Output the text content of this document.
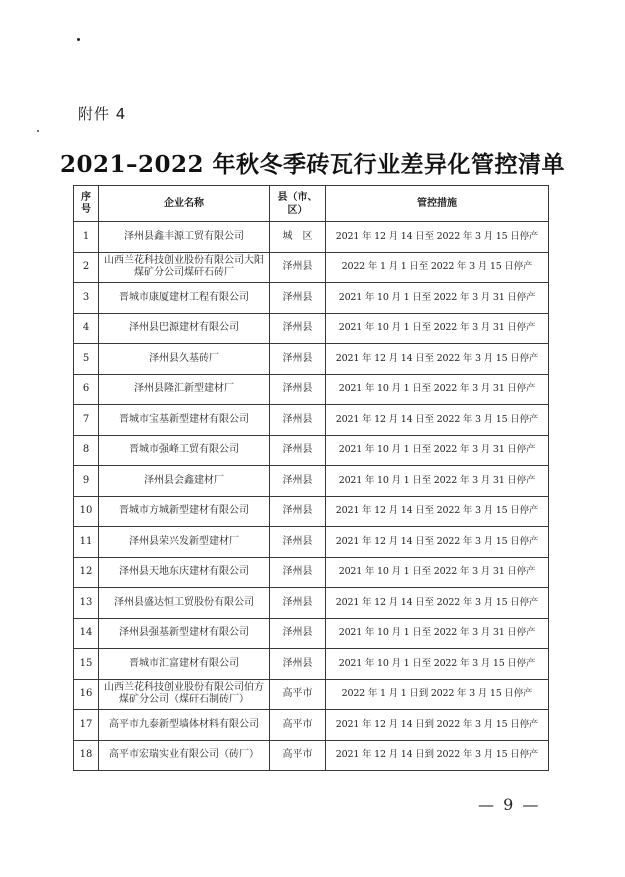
附件 4
2021–2022 年秋冬季砖瓦行业差异化管控清单
序号	企业名称	县（市、区）	管控措施
1	泽州县鑫丰源工贸有限公司	城　区	2021 年 12 月 14 日至 2022 年 3 月 15 日停产
2	山西兰花科技创业股份有限公司大阳煤矿分公司煤矸石砖厂	泽州县	2022 年 1 月 1 日至 2022 年 3 月 15 日停产
3	晋城市康厦建材工程有限公司	泽州县	2021 年 10 月 1 日至 2022 年 3 月 31 日停产
4	泽州县巴源建材有限公司	泽州县	2021 年 10 月 1 日至 2022 年 3 月 31 日停产
5	泽州县久基砖厂	泽州县	2021 年 12 月 14 日至 2022 年 3 月 15 日停产
6	泽州县隆汇新型建材厂	泽州县	2021 年 10 月 1 日至 2022 年 3 月 31 日停产
7	晋城市宝基新型建材有限公司	泽州县	2021 年 12 月 14 日至 2022 年 3 月 15 日停产
8	晋城市强峰工贸有限公司	泽州县	2021 年 10 月 1 日至 2022 年 3 月 31 日停产
9	泽州县会鑫建材厂	泽州县	2021 年 10 月 1 日至 2022 年 3 月 31 日停产
10	晋城市方城新型建材有限公司	泽州县	2021 年 12 月 14 日至 2022 年 3 月 15 日停产
11	泽州县荣兴发新型建材厂	泽州县	2021 年 12 月 14 日至 2022 年 3 月 15 日停产
12	泽州县天地东庆建材有限公司	泽州县	2021 年 10 月 1 日至 2022 年 3 月 31 日停产
13	泽州县盛达恒工贸股份有限公司	泽州县	2021 年 12 月 14 日至 2022 年 3 月 15 日停产
14	泽州县强基新型建材有限公司	泽州县	2021 年 10 月 1 日至 2022 年 3 月 31 日停产
15	晋城市汇富建材有限公司	泽州县	2021 年 10 月 1 日至 2022 年 3 月 15 日停产
16	山西兰花科技创业股份有限公司伯方煤矿分公司（煤矸石制砖厂）	高平市	2022 年 1 月 1 日到 2022 年 3 月 15 日停产
17	高平市九泰新型墙体材料有限公司	高平市	2021 年 12 月 14 日到 2022 年 3 月 15 日停产
18	高平市宏瑞实业有限公司（砖厂）	高平市	2021 年 12 月 14 日到 2022 年 3 月 15 日停产
— 9 —
